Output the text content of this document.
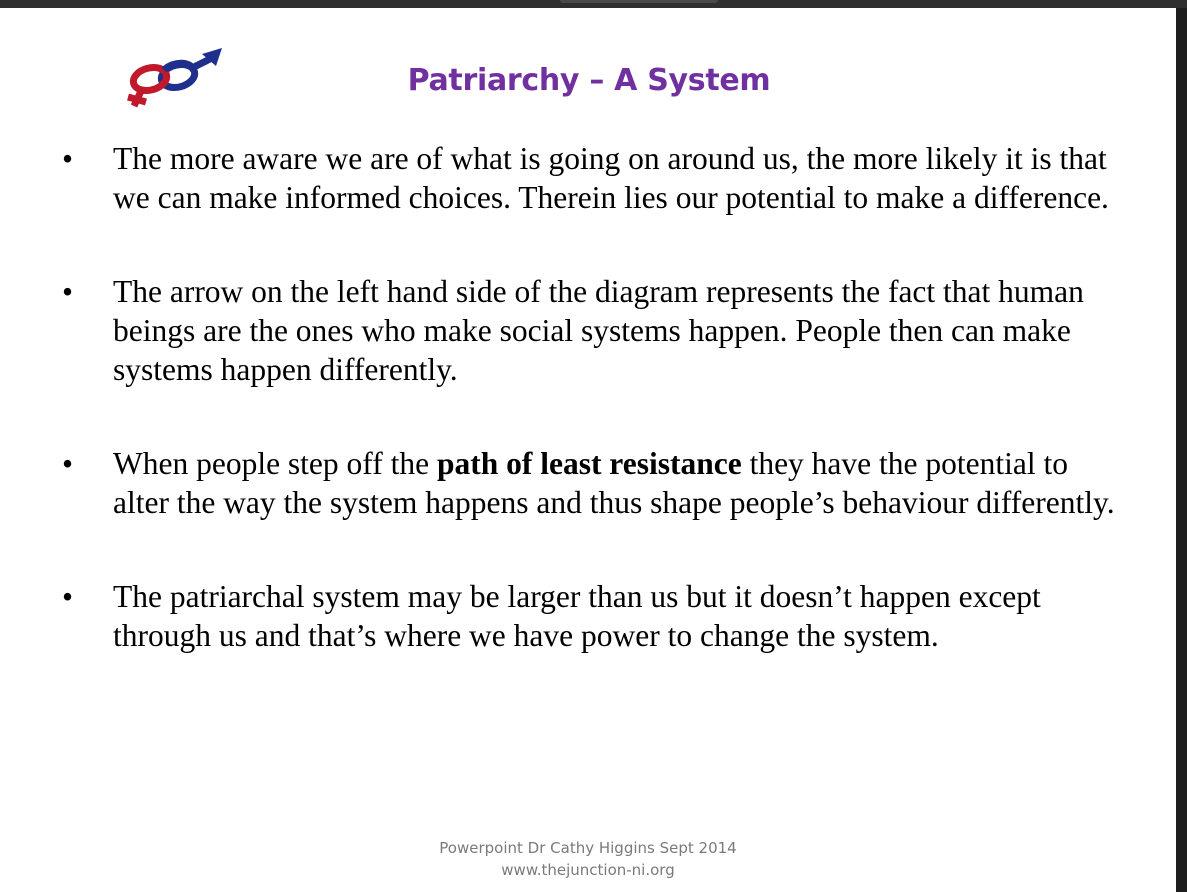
Patriarchy – A System
• The more aware we are of what is going on around us, the more likely it is that we can make informed choices. Therein lies our potential to make a difference.
• The arrow on the left hand side of the diagram represents the fact that human beings are the ones who make social systems happen. People then can make systems happen differently.
• When people step off the path of least resistance they have the potential to alter the way the system happens and thus shape people’s behaviour differently.
• The patriarchal system may be larger than us but it doesn’t happen except through us and that’s where we have power to change the system.
Powerpoint Dr Cathy Higgins Sept 2014
www.thejunction-ni.org
